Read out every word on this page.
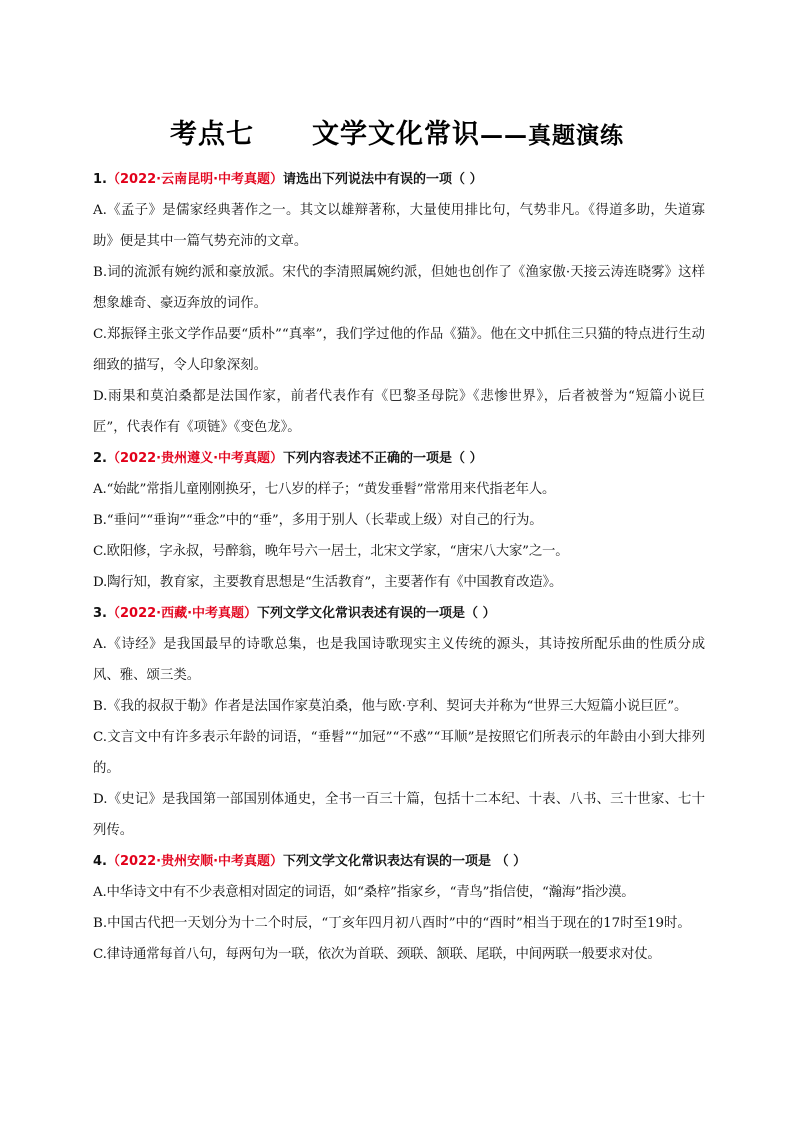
考点七 文学文化常识——真题演练
1.（2022·云南昆明·中考真题）请选出下列说法中有误的一项（ ）
A.《孟子》是儒家经典著作之一。其文以雄辩著称，大量使用排比句，气势非凡。《得道多助，失道寡助》便是其中一篇气势充沛的文章。
B.词的流派有婉约派和豪放派。宋代的李清照属婉约派，但她也创作了《渔家傲·天接云涛连晓雾》这样想象雄奇、豪迈奔放的词作。
C.郑振铎主张文学作品要“质朴”“真率”，我们学过他的作品《猫》。他在文中抓住三只猫的特点进行生动细致的描写，令人印象深刻。
D.雨果和莫泊桑都是法国作家，前者代表作有《巴黎圣母院》《悲惨世界》，后者被誉为“短篇小说巨匠”，代表作有《项链》《变色龙》。
2.（2022·贵州遵义·中考真题）下列内容表述不正确的一项是（ ）
A.“始龀”常指儿童刚刚换牙，七八岁的样子；“黄发垂髫”常常用来代指老年人。
B.“垂问”“垂询”“垂念”中的“垂”，多用于别人（长辈或上级）对自己的行为。
C.欧阳修，字永叔，号醉翁，晚年号六一居士，北宋文学家，“唐宋八大家”之一。
D.陶行知，教育家，主要教育思想是“生活教育”，主要著作有《中国教育改造》。
3.（2022·西藏·中考真题）下列文学文化常识表述有误的一项是（ ）
A.《诗经》是我国最早的诗歌总集，也是我国诗歌现实主义传统的源头，其诗按所配乐曲的性质分成风、雅、颂三类。
B.《我的叔叔于勒》作者是法国作家莫泊桑，他与欧·亨利、契诃夫并称为“世界三大短篇小说巨匠”。
C.文言文中有许多表示年龄的词语，“垂髫”“加冠”“不惑”“耳顺”是按照它们所表示的年龄由小到大排列的。
D.《史记》是我国第一部国别体通史，全书一百三十篇，包括十二本纪、十表、八书、三十世家、七十列传。
4.（2022·贵州安顺·中考真题）下列文学文化常识表达有误的一项是 （ ）
A.中华诗文中有不少表意相对固定的词语，如“桑梓”指家乡，“青鸟”指信使，“瀚海”指沙漠。
B.中国古代把一天划分为十二个时辰，“丁亥年四月初八酉时”中的“酉时”相当于现在的17时至19时。
C.律诗通常每首八句，每两句为一联，依次为首联、颈联、颔联、尾联，中间两联一般要求对仗。
